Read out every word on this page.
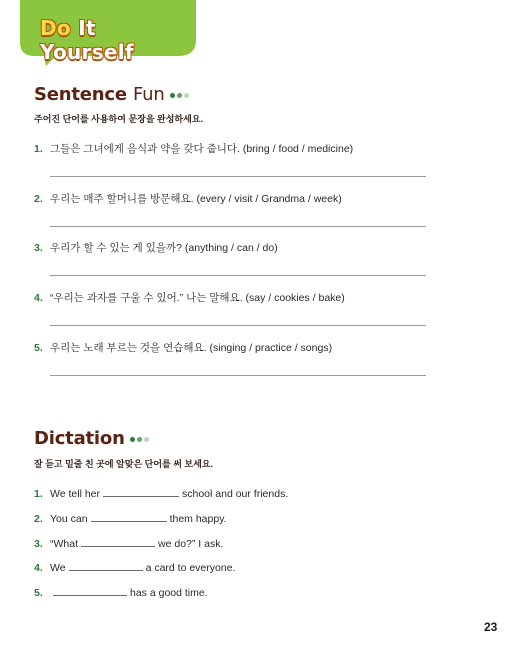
Do It Yourself
Sentence Fun
주어진 단어를 사용하여 문장을 완성하세요.
1. 그들은 그녀에게 음식과 약을 갖다 줍니다. (bring / food / medicine)
2. 우리는 매주 할머니를 방문해요. (every / visit / Grandma / week)
3. 우리가 할 수 있는 게 있을까? (anything / can / do)
4. “우리는 과자를 구울 수 있어.” 나는 말해요. (say / cookies / bake)
5. 우리는 노래 부르는 것을 연습해요. (singing / practice / songs)
Dictation
잘 듣고 밑줄 친 곳에 알맞은 단어를 써 보세요.
1. We tell her	school and our friends.
2. You can	them happy.
3. “What	we do?” I ask.
4. We	a card to everyone.
5.	has a good time.
23
